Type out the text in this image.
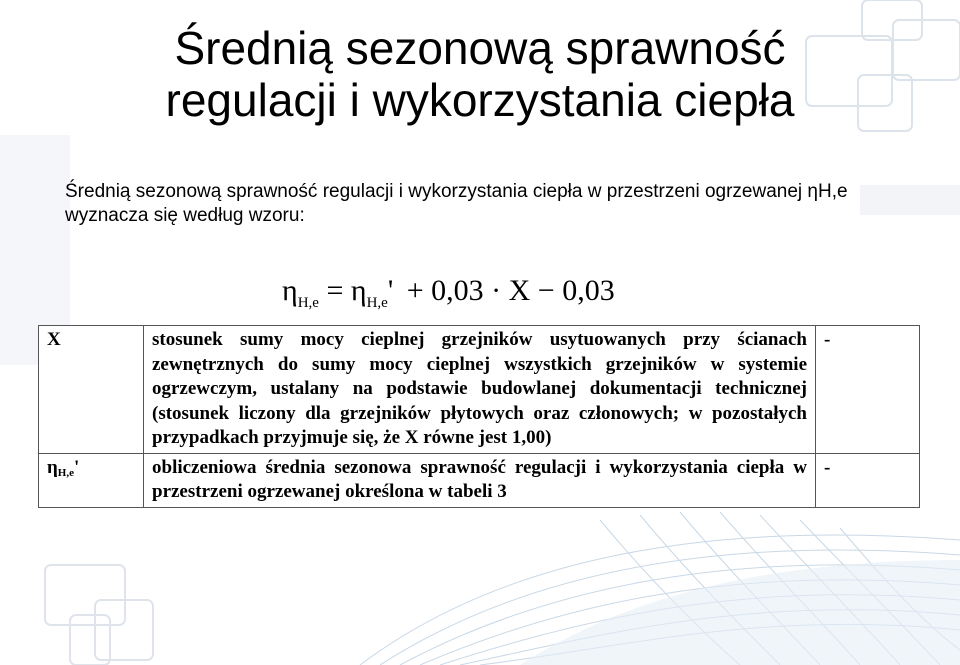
Średnią sezonową sprawność
regulacji i wykorzystania ciepła
Średnią sezonową sprawność regulacji i wykorzystania ciepła w przestrzeni ogrzewanej ηH,e wyznacza się według wzoru:
$\eta_{H,e} = \eta_{H,e}' + 0,03 \cdot X - 0,03$
X	stosunek sumy mocy cieplnej grzejników usytuowanych przy ścianach zewnętrznych do sumy mocy cieplnej wszystkich grzejników w systemie ogrzewczym, ustalany na podstawie budowlanej dokumentacji technicznej (stosunek liczony dla grzejników płytowych oraz członowych; w pozostałych przypadkach przyjmuje się, że X równe jest 1,00)	-
$\eta_{H,e}'$	obliczeniowa średnia sezonowa sprawność regulacji i wykorzystania ciepła w przestrzeni ogrzewanej określona w tabeli 3	-
